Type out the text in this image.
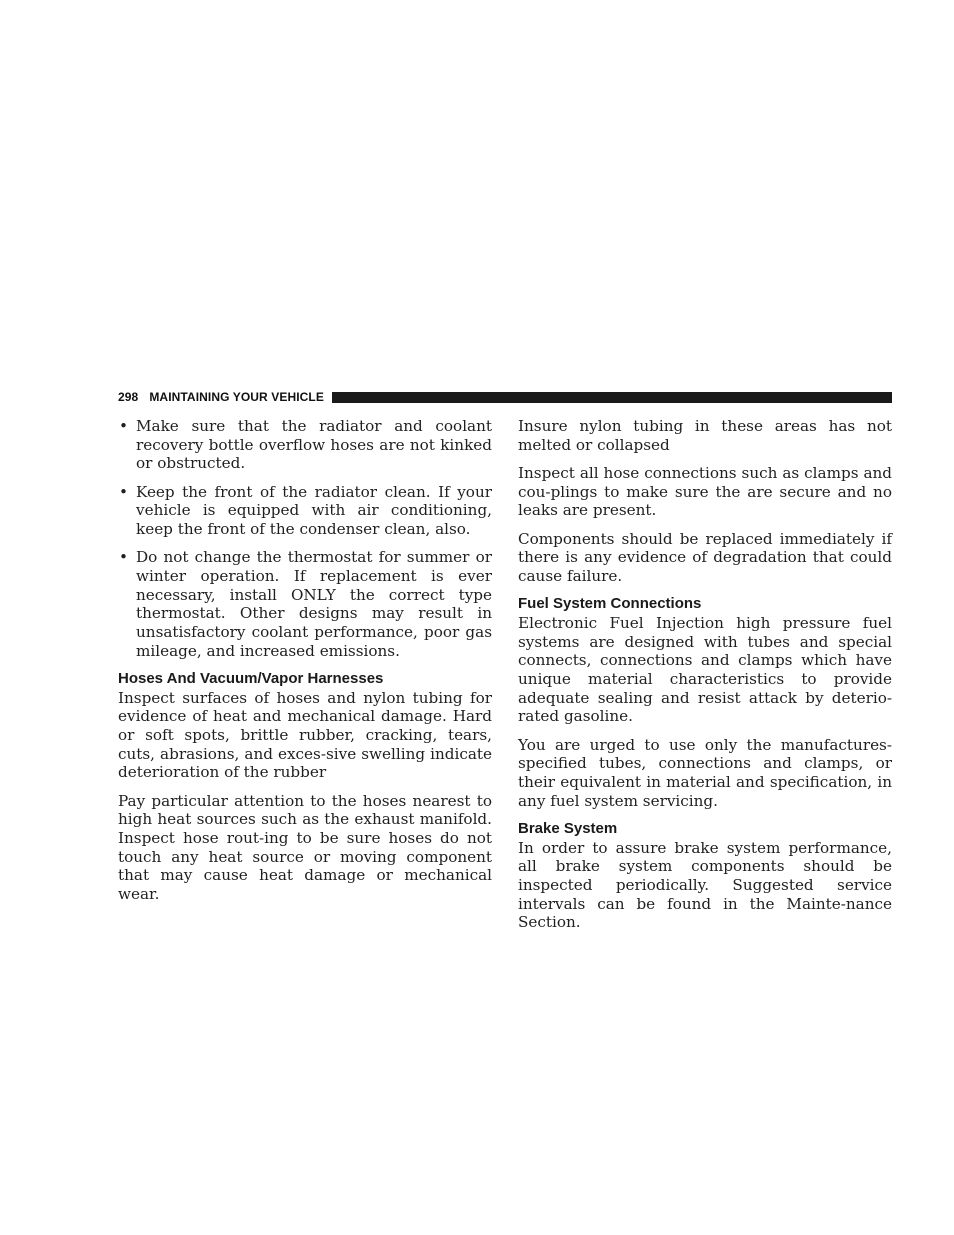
298 MAINTAINING YOUR VEHICLE
• Make sure that the radiator and coolant recovery bottle overflow hoses are not kinked or obstructed.
• Keep the front of the radiator clean. If your vehicle is equipped with air conditioning, keep the front of the condenser clean, also.
• Do not change the thermostat for summer or winter operation. If replacement is ever necessary, install ONLY the correct type thermostat. Other designs may result in unsatisfactory coolant performance, poor gas mileage, and increased emissions.
Hoses And Vacuum/Vapor Harnesses

Inspect surfaces of hoses and nylon tubing for evidence of heat and mechanical damage. Hard or soft spots, brittle rubber, cracking, tears, cuts, abrasions, and exces-sive swelling indicate deterioration of the rubber

Pay particular attention to the hoses nearest to high heat sources such as the exhaust manifold. Inspect hose rout-ing to be sure hoses do not touch any heat source or moving component that may cause heat damage or mechanical wear.

Insure nylon tubing in these areas has not melted or collapsed

Inspect all hose connections such as clamps and cou-plings to make sure the are secure and no leaks are present.

Components should be replaced immediately if there is any evidence of degradation that could cause failure.

Fuel System Connections

Electronic Fuel Injection high pressure fuel systems are designed with tubes and special connects, connections and clamps which have unique material characteristics to provide adequate sealing and resist attack by deterio-rated gasoline.

You are urged to use only the manufactures-specified tubes, connections and clamps, or their equivalent in material and specification, in any fuel system servicing.

Brake System

In order to assure brake system performance, all brake system components should be inspected periodically. Suggested service intervals can be found in the Mainte-nance Section.
